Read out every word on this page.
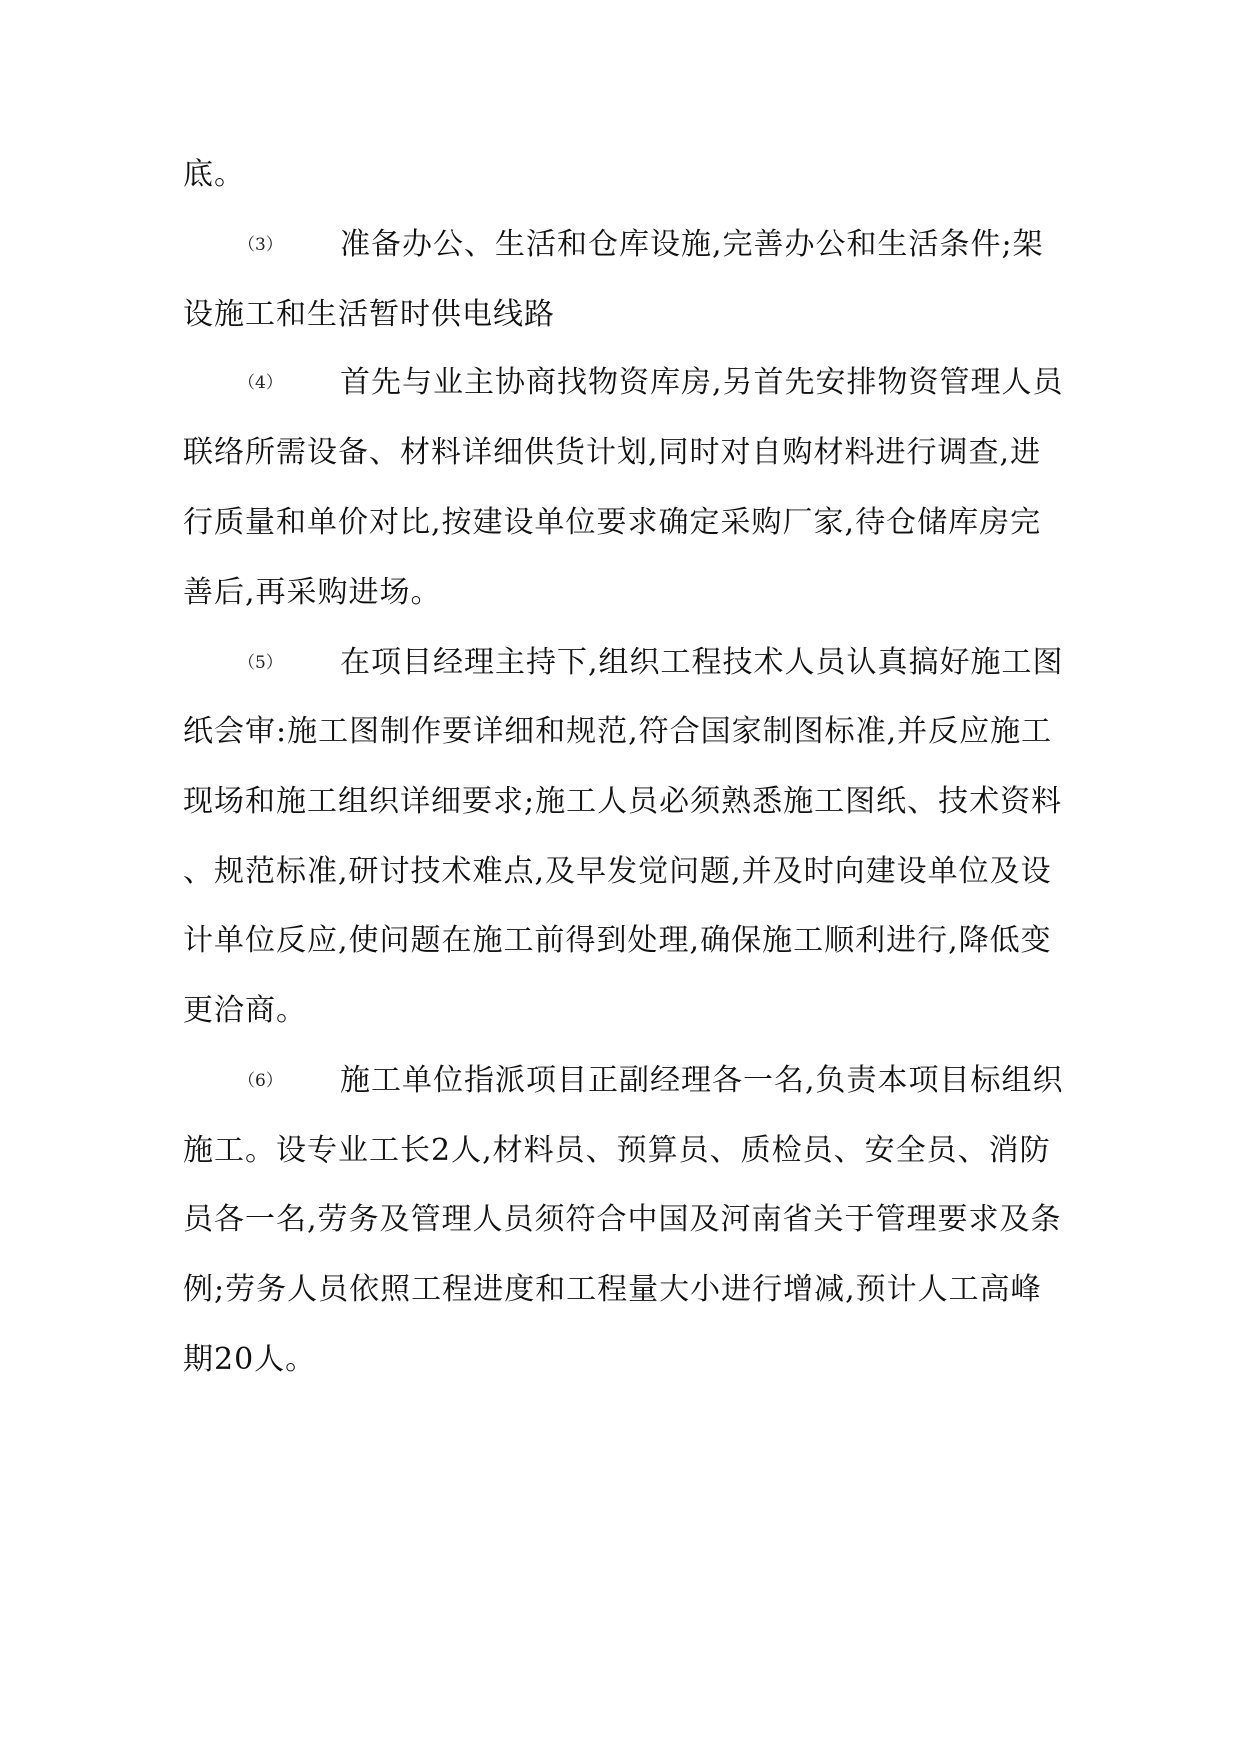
底。
（3） 准备办公、生活和仓库设施,完善办公和生活条件;架
设施工和生活暂时供电线路
（4） 首先与业主协商找物资库房,另首先安排物资管理人员
联络所需设备、材料详细供货计划,同时对自购材料进行调查,进
行质量和单价对比,按建设单位要求确定采购厂家,待仓储库房完
善后,再采购进场。
（5） 在项目经理主持下,组织工程技术人员认真搞好施工图
纸会审:施工图制作要详细和规范,符合国家制图标准,并反应施工
现场和施工组织详细要求;施工人员必须熟悉施工图纸、技术资料
、规范标准,研讨技术难点,及早发觉问题,并及时向建设单位及设
计单位反应,使问题在施工前得到处理,确保施工顺利进行,降低变
更洽商。
（6） 施工单位指派项目正副经理各一名,负责本项目标组织
施工。设专业工长2人,材料员、预算员、质检员、安全员、消防
员各一名,劳务及管理人员须符合中国及河南省关于管理要求及条
例;劳务人员依照工程进度和工程量大小进行增减,预计人工高峰
期20人。
